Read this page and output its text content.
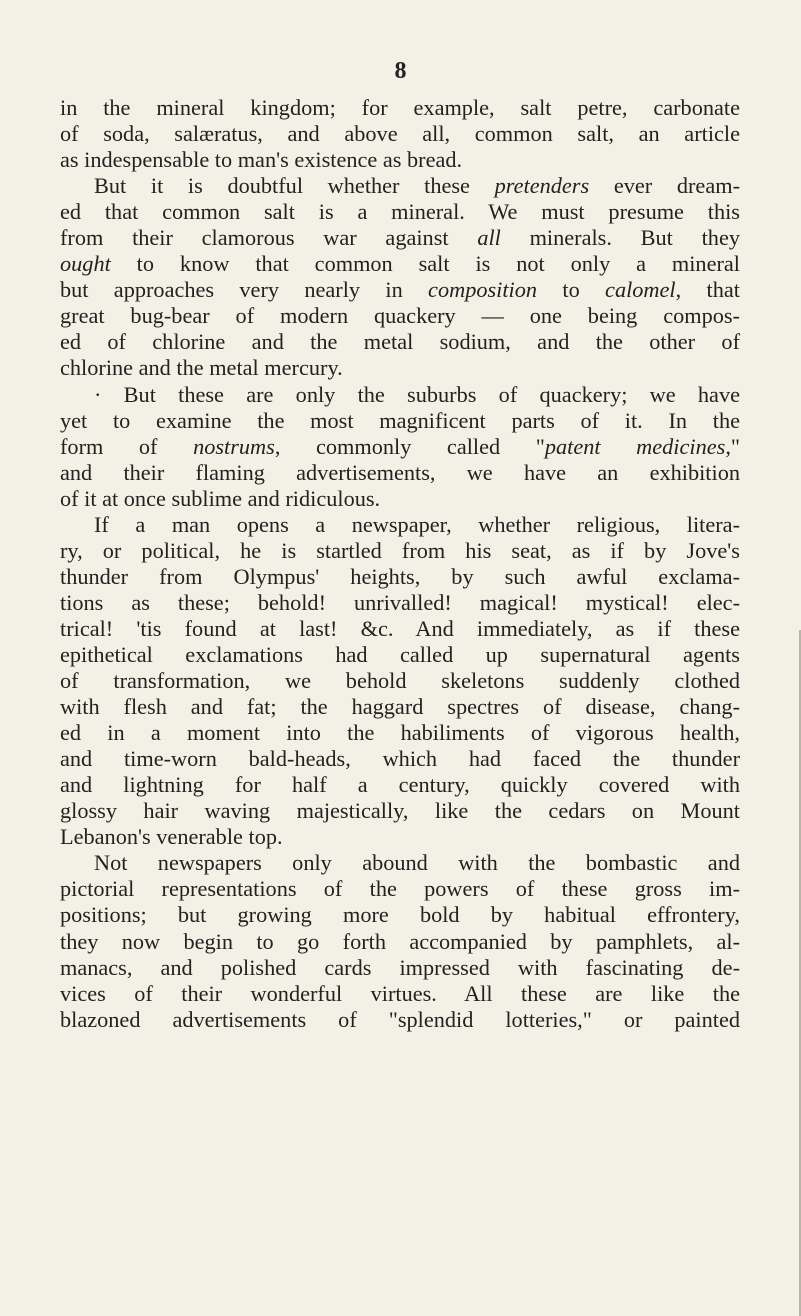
8
in the mineral kingdom; for example, salt petre, carbonate
of soda, salæratus, and above all, common salt, an article
as indespensable to man's existence as bread.
But it is doubtful whether these pretenders ever dream-
ed that common salt is a mineral. We must presume this
from their clamorous war against all minerals. But they
ought to know that common salt is not only a mineral
but approaches very nearly in composition to calomel, that
great bug-bear of modern quackery — one being compos-
ed of chlorine and the metal sodium, and the other of
chlorine and the metal mercury.
· But these are only the suburbs of quackery; we have
yet to examine the most magnificent parts of it. In the
form of nostrums, commonly called "patent medicines,"
and their flaming advertisements, we have an exhibition
of it at once sublime and ridiculous.
If a man opens a newspaper, whether religious, litera-
ry, or political, he is startled from his seat, as if by Jove's
thunder from Olympus' heights, by such awful exclama-
tions as these; behold! unrivalled! magical! mystical! elec-
trical! 'tis found at last! &c. And immediately, as if these
epithetical exclamations had called up supernatural agents
of transformation, we behold skeletons suddenly clothed
with flesh and fat; the haggard spectres of disease, chang-
ed in a moment into the habiliments of vigorous health,
and time-worn bald-heads, which had faced the thunder
and lightning for half a century, quickly covered with
glossy hair waving majestically, like the cedars on Mount
Lebanon's venerable top.
Not newspapers only abound with the bombastic and
pictorial representations of the powers of these gross im-
positions; but growing more bold by habitual effrontery,
they now begin to go forth accompanied by pamphlets, al-
manacs, and polished cards impressed with fascinating de-
vices of their wonderful virtues. All these are like the
blazoned advertisements of "splendid lotteries," or painted
